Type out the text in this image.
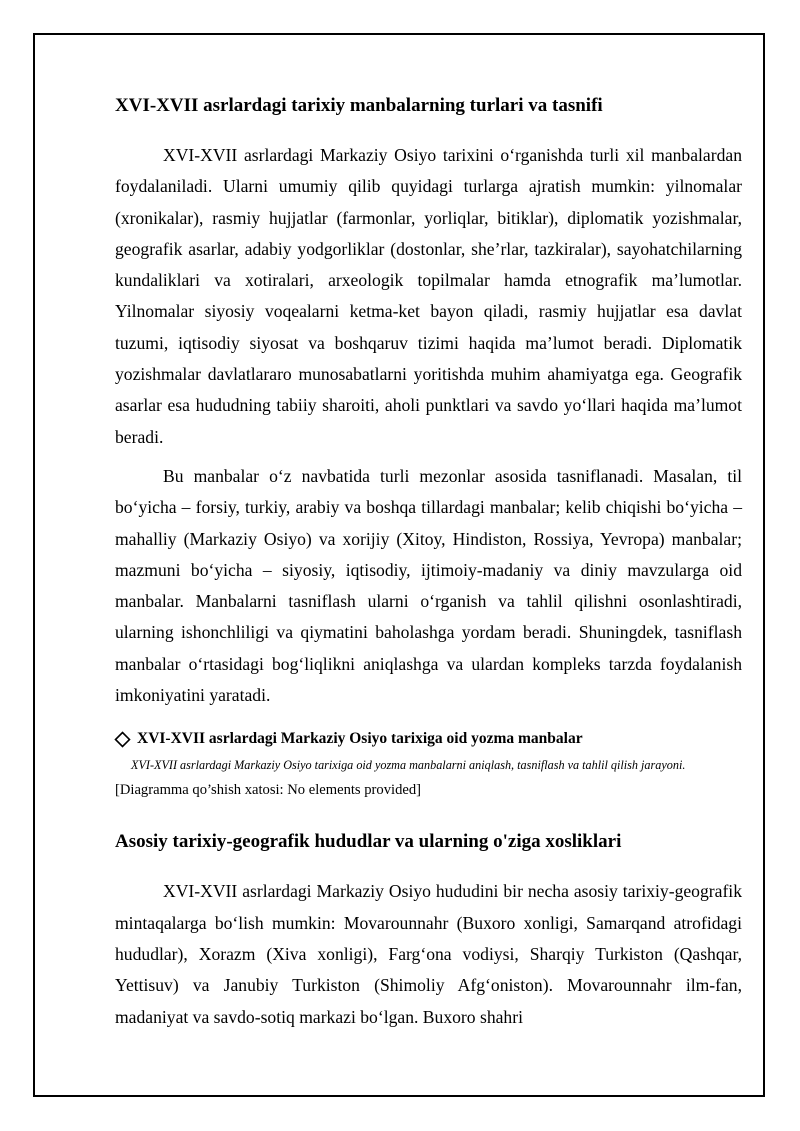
XVI-XVII asrlardagi tarixiy manbalarning turlari va tasnifi

XVI-XVII asrlardagi Markaziy Osiyo tarixini o‘rganishda turli xil manbalardan foydalaniladi. Ularni umumiy qilib quyidagi turlarga ajratish mumkin: yilnomalar (xronikalar), rasmiy hujjatlar (farmonlar, yorliqlar, bitiklar), diplomatik yozishmalar, geografik asarlar, adabiy yodgorliklar (dostonlar, she’rlar, tazkiralar), sayohatchilarning kundaliklari va xotiralari, arxeologik topilmalar hamda etnografik ma’lumotlar. Yilnomalar siyosiy voqealarni ketma-ket bayon qiladi, rasmiy hujjatlar esa davlat tuzumi, iqtisodiy siyosat va boshqaruv tizimi haqida ma’lumot beradi. Diplomatik yozishmalar davlatlararo munosabatlarni yoritishda muhim ahamiyatga ega. Geografik asarlar esa hududning tabiiy sharoiti, aholi punktlari va savdo yo‘llari haqida ma’lumot beradi.

Bu manbalar o‘z navbatida turli mezonlar asosida tasniflanadi. Masalan, til bo‘yicha – forsiy, turkiy, arabiy va boshqa tillardagi manbalar; kelib chiqishi bo‘yicha – mahalliy (Markaziy Osiyo) va xorijiy (Xitoy, Hindiston, Rossiya, Yevropa) manbalar; mazmuni bo‘yicha – siyosiy, iqtisodiy, ijtimoiy-madaniy va diniy mavzularga oid manbalar. Manbalarni tasniflash ularni o‘rganish va tahlil qilishni osonlashtiradi, ularning ishonchliligi va qiymatini baholashga yordam beradi. Shuningdek, tasniflash manbalar o‘rtasidagi bog‘liqlikni aniqlashga va ulardan kompleks tarzda foydalanish imkoniyatini yaratadi.

XVI-XVII asrlardagi Markaziy Osiyo tarixiga oid yozma manbalar
XVI-XVII asrlardagi Markaziy Osiyo tarixiga oid yozma manbalarni aniqlash, tasniflash va tahlil qilish jarayoni.
[Diagramma qo’shish xatosi: No elements provided]
Asosiy tarixiy-geografik hududlar va ularning o'ziga xosliklari

XVI-XVII asrlardagi Markaziy Osiyo hududini bir necha asosiy tarixiy-geografik mintaqalarga bo‘lish mumkin: Movarounnahr (Buxoro xonligi, Samarqand atrofidagi hududlar), Xorazm (Xiva xonligi), Farg‘ona vodiysi, Sharqiy Turkiston (Qashqar, Yettisuv) va Janubiy Turkiston (Shimoliy Afg‘oniston). Movarounnahr ilm-fan, madaniyat va savdo-sotiq markazi bo‘lgan. Buxoro shahri
